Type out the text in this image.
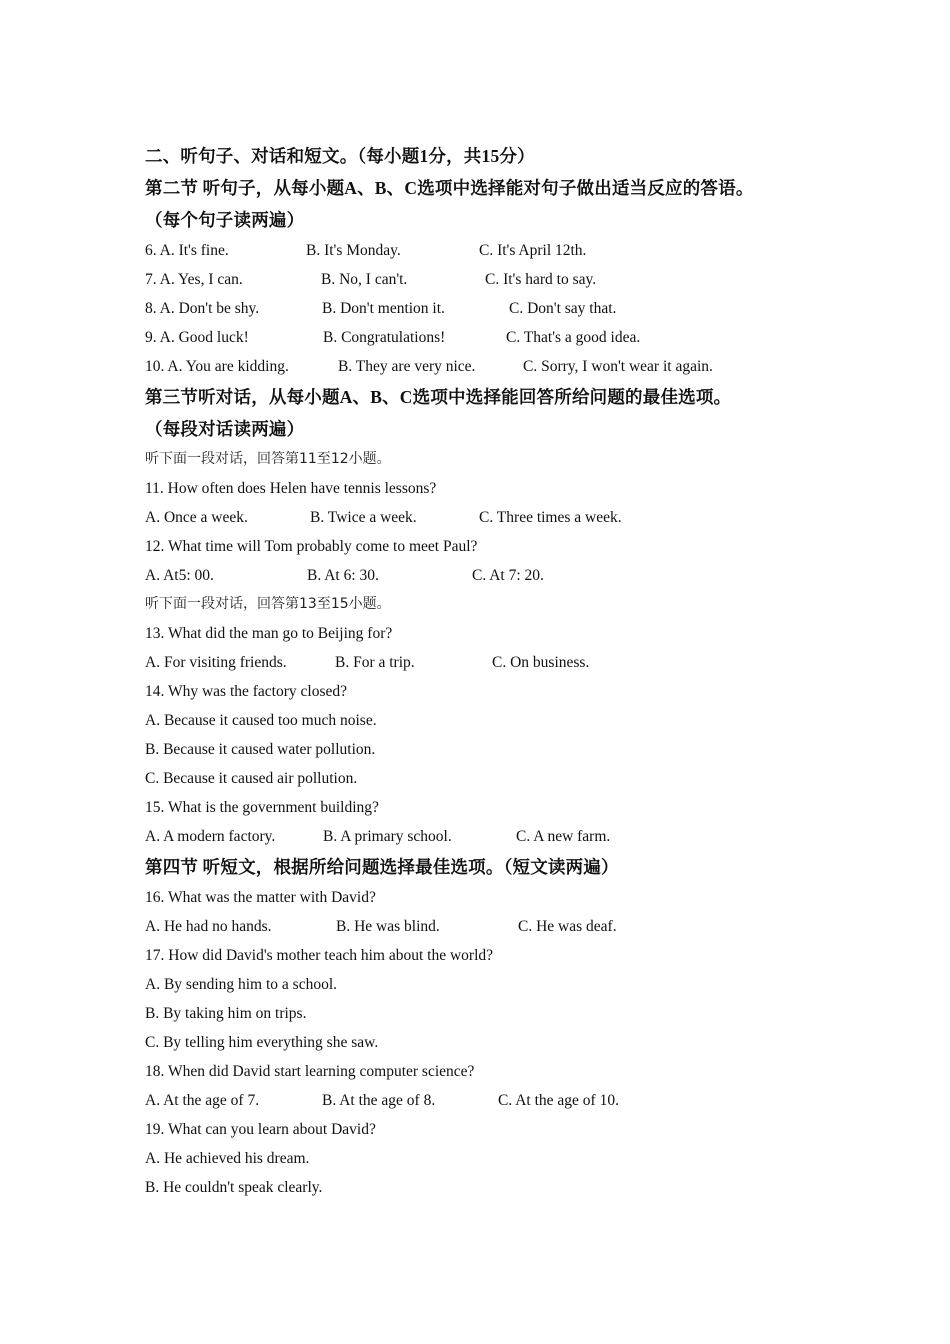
二、听句子、对话和短文。（每小题1分，共15分）
第二节 听句子，从每小题A、B、C选项中选择能对句子做出适当反应的答语。
（每个句子读两遍）
6. A. It's fine.	B. It's Monday.	C. It's April 12th.
7. A. Yes, I can.	B. No, I can't.	C. It's hard to say.
8. A. Don't be shy.	B. Don't mention it.	C. Don't say that.
9. A. Good luck!	B. Congratulations!	C. That's a good idea.
10. A. You are kidding.	B. They are very nice.	C. Sorry, I won't wear it again.
第三节听对话，从每小题A、B、C选项中选择能回答所给问题的最佳选项。
（每段对话读两遍）
听下面一段对话，回答第11至12小题。
11. How often does Helen have tennis lessons?
A. Once a week.	B. Twice a week.	C. Three times a week.
12. What time will Tom probably come to meet Paul?
A. At5: 00.	B. At 6: 30.	C. At 7: 20.
听下面一段对话，回答第13至15小题。
13. What did the man go to Beijing for?
A. For visiting friends.	B. For a trip.	C. On business.
14. Why was the factory closed?
A. Because it caused too much noise.
B. Because it caused water pollution.
C. Because it caused air pollution.
15. What is the government building?
A. A modern factory.	B. A primary school.	C. A new farm.
第四节 听短文，根据所给问题选择最佳选项。（短文读两遍）
16. What was the matter with David?
A. He had no hands.	B. He was blind.	C. He was deaf.
17. How did David's mother teach him about the world?
A. By sending him to a school.
B. By taking him on trips.
C. By telling him everything she saw.
18. When did David start learning computer science?
A. At the age of 7.	B. At the age of 8.	C. At the age of 10.
19. What can you learn about David?
A. He achieved his dream.
B. He couldn't speak clearly.
